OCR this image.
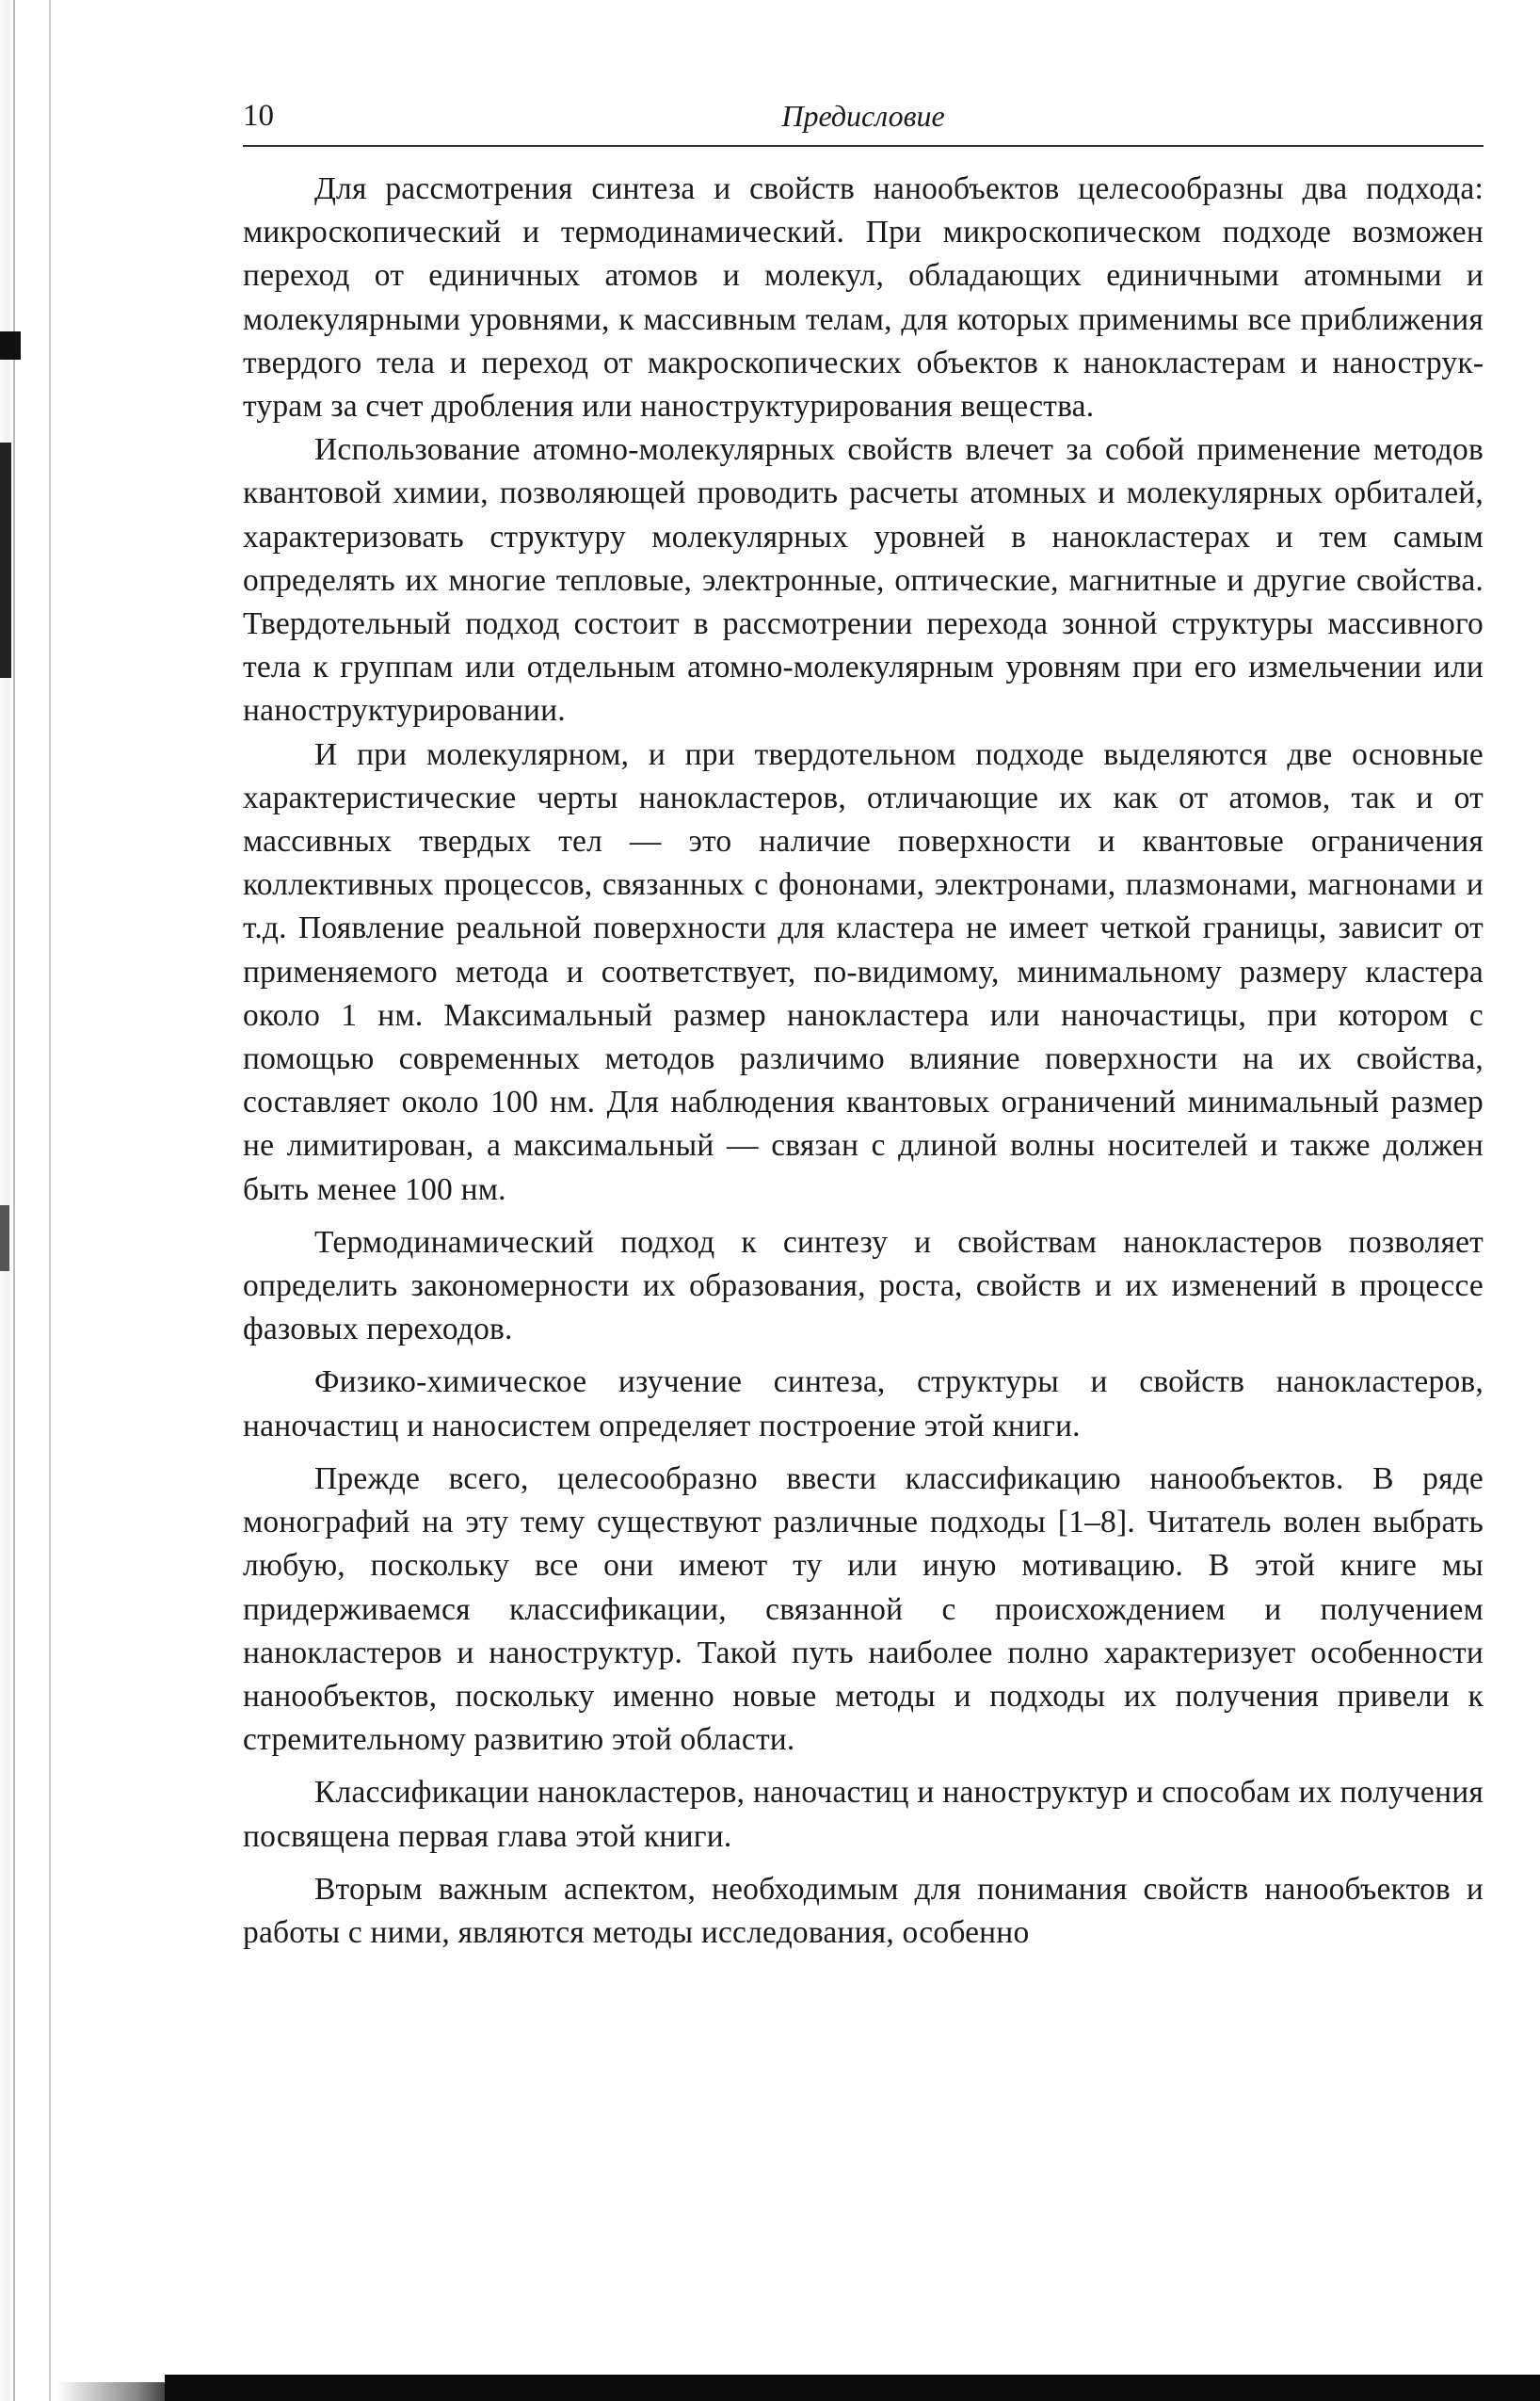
10	Предисловие

Для рассмотрения синтеза и свойств нанообъектов целесообразны два подхода: микроскопический и термодинамический. При микроскопическом подходе возможен переход от единичных атомов и молекул, обладающих единичными атомными и молекулярными уровнями, к массивным телам, для которых применимы все приближения твердого тела и переход от макроскопических объектов к нанокластерам и наноструктурам за счет дробления или наноструктурирования вещества.

Использование атомно-молекулярных свойств влечет за собой применение методов квантовой химии, позволяющей проводить расчеты атомных и молекулярных орбиталей, характеризовать структуру молекулярных уровней в нанокластерах и тем самым определять их многие тепловые, электронные, оптические, магнитные и другие свойства. Твердотельный подход состоит в рассмотрении перехода зонной структуры массивного тела к группам или отдельным атомно-молекулярным уровням при его измельчении или наноструктурировании.

И при молекулярном, и при твердотельном подходе выделяются две основные характеристические черты нанокластеров, отличающие их как от атомов, так и от массивных твердых тел — это наличие поверхности и квантовые ограничения коллективных процессов, связанных с фононами, электронами, плазмонами, магнонами и т.д. Появление реальной поверхности для кластера не имеет четкой границы, зависит от применяемого метода и соответствует, по-видимому, минимальному размеру кластера около 1 нм. Максимальный размер нанокластера или наночастицы, при котором с помощью современных методов различимо влияние поверхности на их свойства, составляет около 100 нм. Для наблюдения квантовых ограничений минимальный размер не лимитирован, а максимальный — связан с длиной волны носителей и также должен быть менее 100 нм.

Термодинамический подход к синтезу и свойствам нанокластеров позволяет определить закономерности их образования, роста, свойств и их изменений в процессе фазовых переходов.

Физико-химическое изучение синтеза, структуры и свойств нанокластеров, наночастиц и наносистем определяет построение этой книги.

Прежде всего, целесообразно ввести классификацию нанообъектов. В ряде монографий на эту тему существуют различные подходы [1–8]. Читатель волен выбрать любую, поскольку все они имеют ту или иную мотивацию. В этой книге мы придерживаемся классификации, связанной с происхождением и получением нанокластеров и наноструктур. Такой путь наиболее полно характеризует особенности нанообъектов, поскольку именно новые методы и подходы их получения привели к стремительному развитию этой области.

Классификации нанокластеров, наночастиц и наноструктур и способам их получения посвящена первая глава этой книги.

Вторым важным аспектом, необходимым для понимания свойств нанообъектов и работы с ними, являются методы исследования, особенно
